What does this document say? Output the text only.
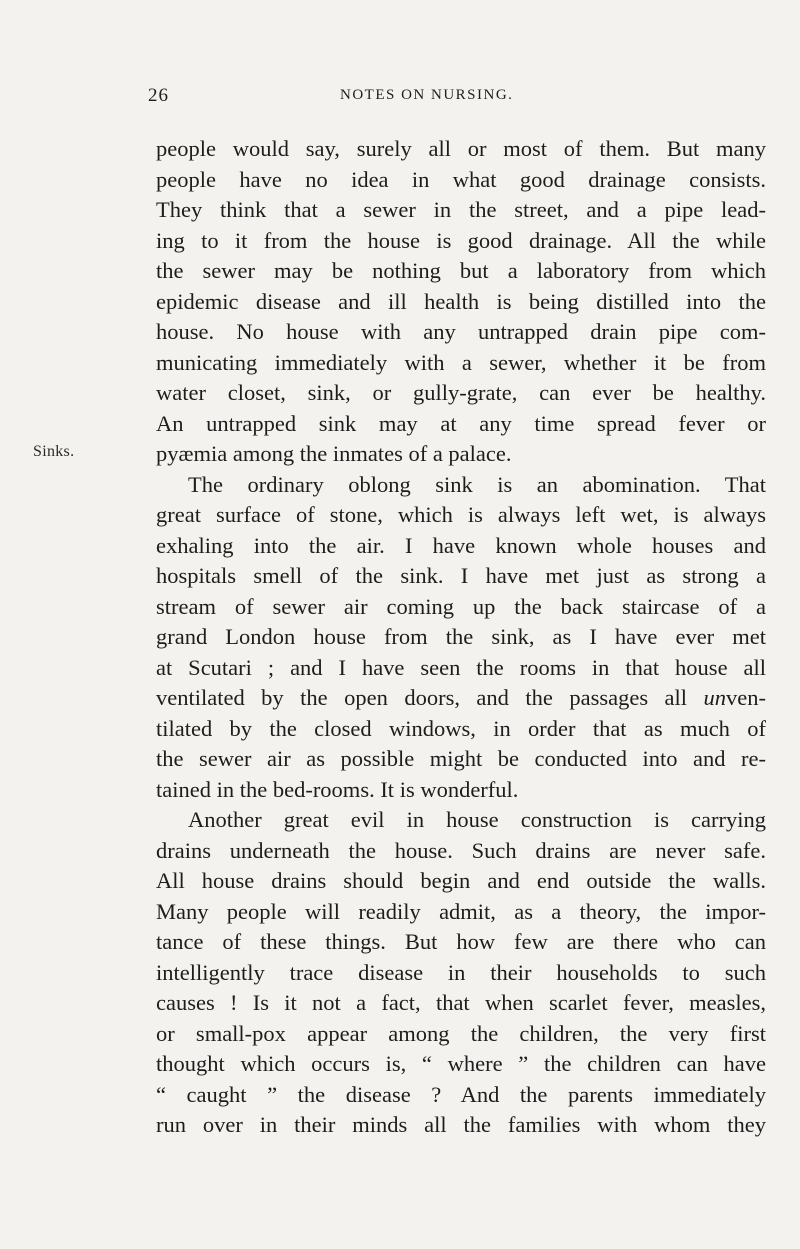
26	NOTES ON NURSING.
Sinks.
people would say, surely all or most of them. But many
people have no idea in what good drainage consists.
They think that a sewer in the street, and a pipe lead-
ing to it from the house is good drainage. All the while
the sewer may be nothing but a laboratory from which
epidemic disease and ill health is being distilled into the
house. No house with any untrapped drain pipe com-
municating immediately with a sewer, whether it be from
water closet, sink, or gully-grate, can ever be healthy.
An untrapped sink may at any time spread fever or
pyæmia among the inmates of a palace.
The ordinary oblong sink is an abomination. That
great surface of stone, which is always left wet, is always
exhaling into the air. I have known whole houses and
hospitals smell of the sink. I have met just as strong a
stream of sewer air coming up the back staircase of a
grand London house from the sink, as I have ever met
at Scutari ; and I have seen the rooms in that house all
ventilated by the open doors, and the passages all unven-
tilated by the closed windows, in order that as much of
the sewer air as possible might be conducted into and re-
tained in the bed-rooms. It is wonderful.
Another great evil in house construction is carrying
drains underneath the house. Such drains are never safe.
All house drains should begin and end outside the walls.
Many people will readily admit, as a theory, the impor-
tance of these things. But how few are there who can
intelligently trace disease in their households to such
causes ! Is it not a fact, that when scarlet fever, measles,
or small-pox appear among the children, the very first
thought which occurs is, “ where ” the children can have
“ caught ” the disease ? And the parents immediately
run over in their minds all the families with whom they
